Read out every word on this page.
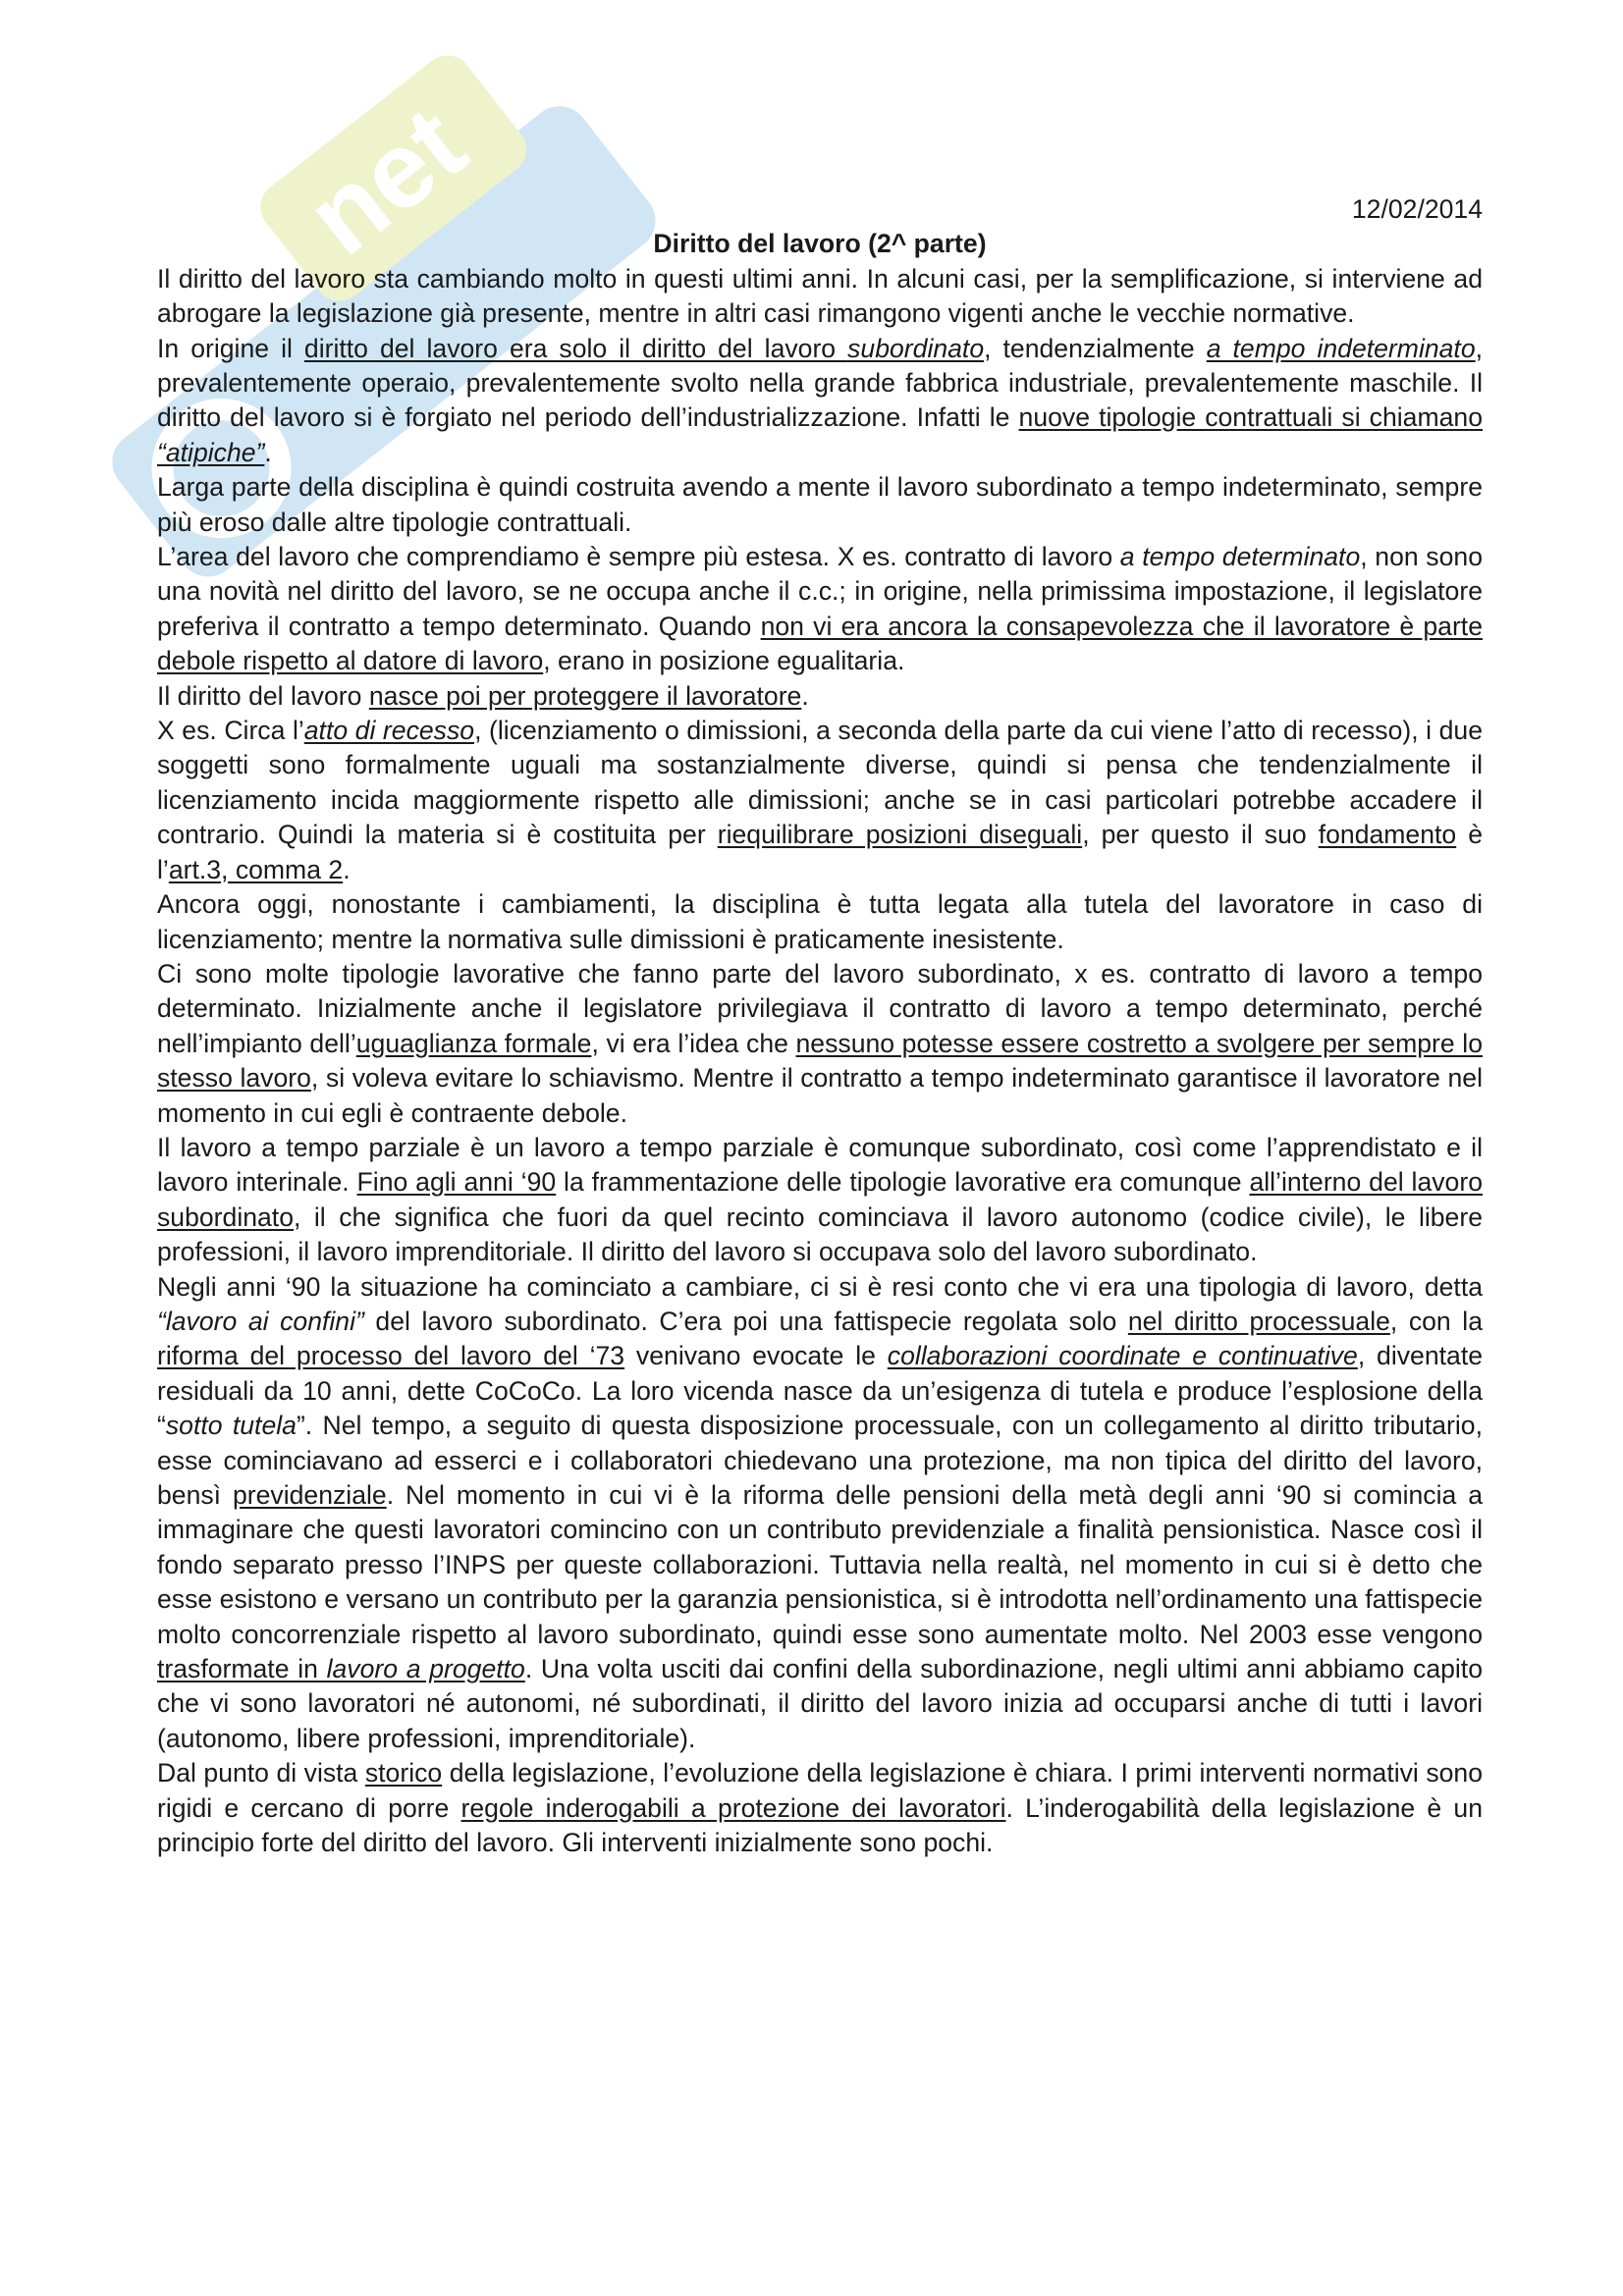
net	12/02/2014
Diritto del lavoro (2^ parte)

Il diritto del lavoro sta cambiando molto in questi ultimi anni. In alcuni casi, per la semplificazione, si interviene ad abrogare la legislazione già presente, mentre in altri casi rimangono vigenti anche le vecchie normative.

In origine il diritto del lavoro era solo il diritto del lavoro subordinato, tendenzialmente a tempo indeterminato, prevalentemente operaio, prevalentemente svolto nella grande fabbrica industriale, prevalentemente maschile. Il diritto del lavoro si è forgiato nel periodo dell’industrializzazione. Infatti le nuove tipologie contrattuali si chiamano “atipiche”.

Larga parte della disciplina è quindi costruita avendo a mente il lavoro subordinato a tempo indeterminato, sempre più eroso dalle altre tipologie contrattuali.

L’area del lavoro che comprendiamo è sempre più estesa. X es. contratto di lavoro a tempo determinato, non sono una novità nel diritto del lavoro, se ne occupa anche il c.c.; in origine, nella primissima impostazione, il legislatore preferiva il contratto a tempo determinato. Quando non vi era ancora la consapevolezza che il lavoratore è parte debole rispetto al datore di lavoro, erano in posizione egualitaria.

Il diritto del lavoro nasce poi per proteggere il lavoratore.

X es. Circa l’atto di recesso, (licenziamento o dimissioni, a seconda della parte da cui viene l’atto di recesso), i due soggetti sono formalmente uguali ma sostanzialmente diverse, quindi si pensa che tendenzialmente il licenziamento incida maggiormente rispetto alle dimissioni; anche se in casi particolari potrebbe accadere il contrario. Quindi la materia si è costituita per riequilibrare posizioni diseguali, per questo il suo fondamento è l’art.3, comma 2.

Ancora oggi, nonostante i cambiamenti, la disciplina è tutta legata alla tutela del lavoratore in caso di licenziamento; mentre la normativa sulle dimissioni è praticamente inesistente.

Ci sono molte tipologie lavorative che fanno parte del lavoro subordinato, x es. contratto di lavoro a tempo determinato. Inizialmente anche il legislatore privilegiava il contratto di lavoro a tempo determinato, perché nell’impianto dell’uguaglianza formale, vi era l’idea che nessuno potesse essere costretto a svolgere per sempre lo stesso lavoro, si voleva evitare lo schiavismo. Mentre il contratto a tempo indeterminato garantisce il lavoratore nel momento in cui egli è contraente debole.

Il lavoro a tempo parziale è un lavoro a tempo parziale è comunque subordinato, così come l’apprendistato e il lavoro interinale. Fino agli anni ‘90 la frammentazione delle tipologie lavorative era comunque all’interno del lavoro subordinato, il che significa che fuori da quel recinto cominciava il lavoro autonomo (codice civile), le libere professioni, il lavoro imprenditoriale. Il diritto del lavoro si occupava solo del lavoro subordinato.

Negli anni ‘90 la situazione ha cominciato a cambiare, ci si è resi conto che vi era una tipologia di lavoro, detta “lavoro ai confini” del lavoro subordinato. C’era poi una fattispecie regolata solo nel diritto processuale, con la riforma del processo del lavoro del ‘73 venivano evocate le collaborazioni coordinate e continuative, diventate residuali da 10 anni, dette CoCoCo. La loro vicenda nasce da un’esigenza di tutela e produce l’esplosione della “sotto tutela”. Nel tempo, a seguito di questa disposizione processuale, con un collegamento al diritto tributario, esse cominciavano ad esserci e i collaboratori chiedevano una protezione, ma non tipica del diritto del lavoro, bensì previdenziale. Nel momento in cui vi è la riforma delle pensioni della metà degli anni ‘90 si comincia a immaginare che questi lavoratori comincino con un contributo previdenziale a finalità pensionistica. Nasce così il fondo separato presso l’INPS per queste collaborazioni. Tuttavia nella realtà, nel momento in cui si è detto che esse esistono e versano un contributo per la garanzia pensionistica, si è introdotta nell’ordinamento una fattispecie molto concorrenziale rispetto al lavoro subordinato, quindi esse sono aumentate molto. Nel 2003 esse vengono trasformate in lavoro a progetto. Una volta usciti dai confini della subordinazione, negli ultimi anni abbiamo capito che vi sono lavoratori né autonomi, né subordinati, il diritto del lavoro inizia ad occuparsi anche di tutti i lavori (autonomo, libere professioni, imprenditoriale).

Dal punto di vista storico della legislazione, l’evoluzione della legislazione è chiara. I primi interventi normativi sono rigidi e cercano di porre regole inderogabili a protezione dei lavoratori. L’inderogabilità della legislazione è un principio forte del diritto del lavoro. Gli interventi inizialmente sono pochi.
